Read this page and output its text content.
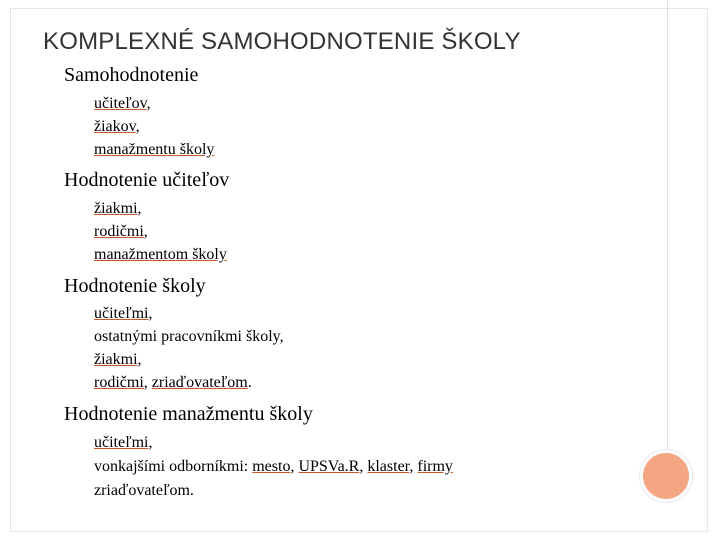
KOMPLEXNÉ SAMOHODNOTENIE ŠKOLY
Samohodnotenie
učiteľov,
žiakov,
manažmentu školy
Hodnotenie učiteľov
žiakmi,
rodičmi,
manažmentom školy
Hodnotenie školy
učiteľmi,
ostatnými pracovníkmi školy,
žiakmi,
rodičmi, zriaďovateľom.
Hodnotenie manažmentu školy
učiteľmi,
vonkajšími odborníkmi: mesto, UPSVa.R, klaster, firmy
zriaďovateľom.
